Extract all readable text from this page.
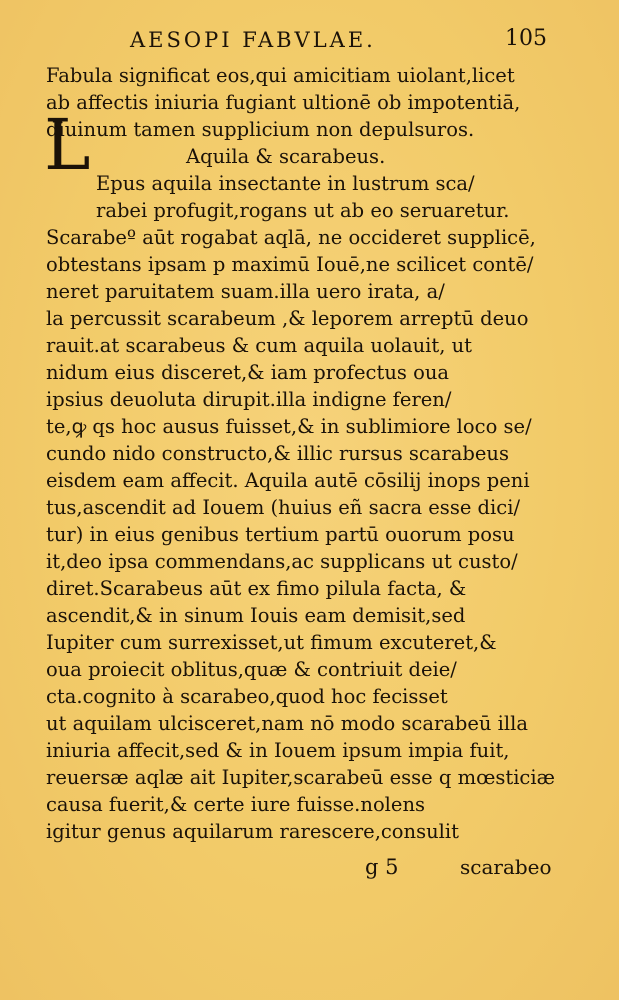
AESOPI FABVLAE.	105
L
Fabula significat eos,qui amicitiam uiolant,licet
ab affectis iniuria fugiant ultionē ob impotentiā,
diuinum tamen supplicium non depulsuros.
Aquila & scarabeus.
Epus aquila insectante in lustrum sca/
rabei profugit,rogans ut ab eo seruaretur.
Scarabeº aūt rogabat aqlā, ne occideret supplicē,
obtestans ipsam p maximū Iouē,ne scilicet contē/
neret paruitatem suam.illa uero irata, a/
la percussit scarabeum ,& leporem arreptū deuo
rauit.at scarabeus & cum aquila uolauit, ut
nidum eius disceret,& iam profectus oua
ipsius deuoluta dirupit.illa indigne feren/
te,ꝙ qs hoc ausus fuisset,& in sublimiore loco se/
cundo nido constructo,& illic rursus scarabeus
eisdem eam affecit. Aquila autē cōsilij inops peni
tus,ascendit ad Iouem (huius eñ sacra esse dici/
tur) in eius genibus tertium partū ouorum posu
it,deo ipsa commendans,ac supplicans ut custo/
diret.Scarabeus aūt ex fimo pilula facta, &
ascendit,& in sinum Iouis eam demisit,sed
Iupiter cum surrexisset,ut fimum excuteret,&
oua proiecit oblitus,quæ & contriuit deie/
cta.cognito à scarabeo,quod hoc fecisset
ut aquilam ulcisceret,nam nō modo scarabeū illa
iniuria affecit,sed & in Iouem ipsum impia fuit,
reuersæ aqlæ ait Iupiter,scarabeū esse q mœsticiæ
causa fuerit,& certe iure fuisse.nolens
igitur genus aquilarum rarescere,consulit
g 5	scarabeo
